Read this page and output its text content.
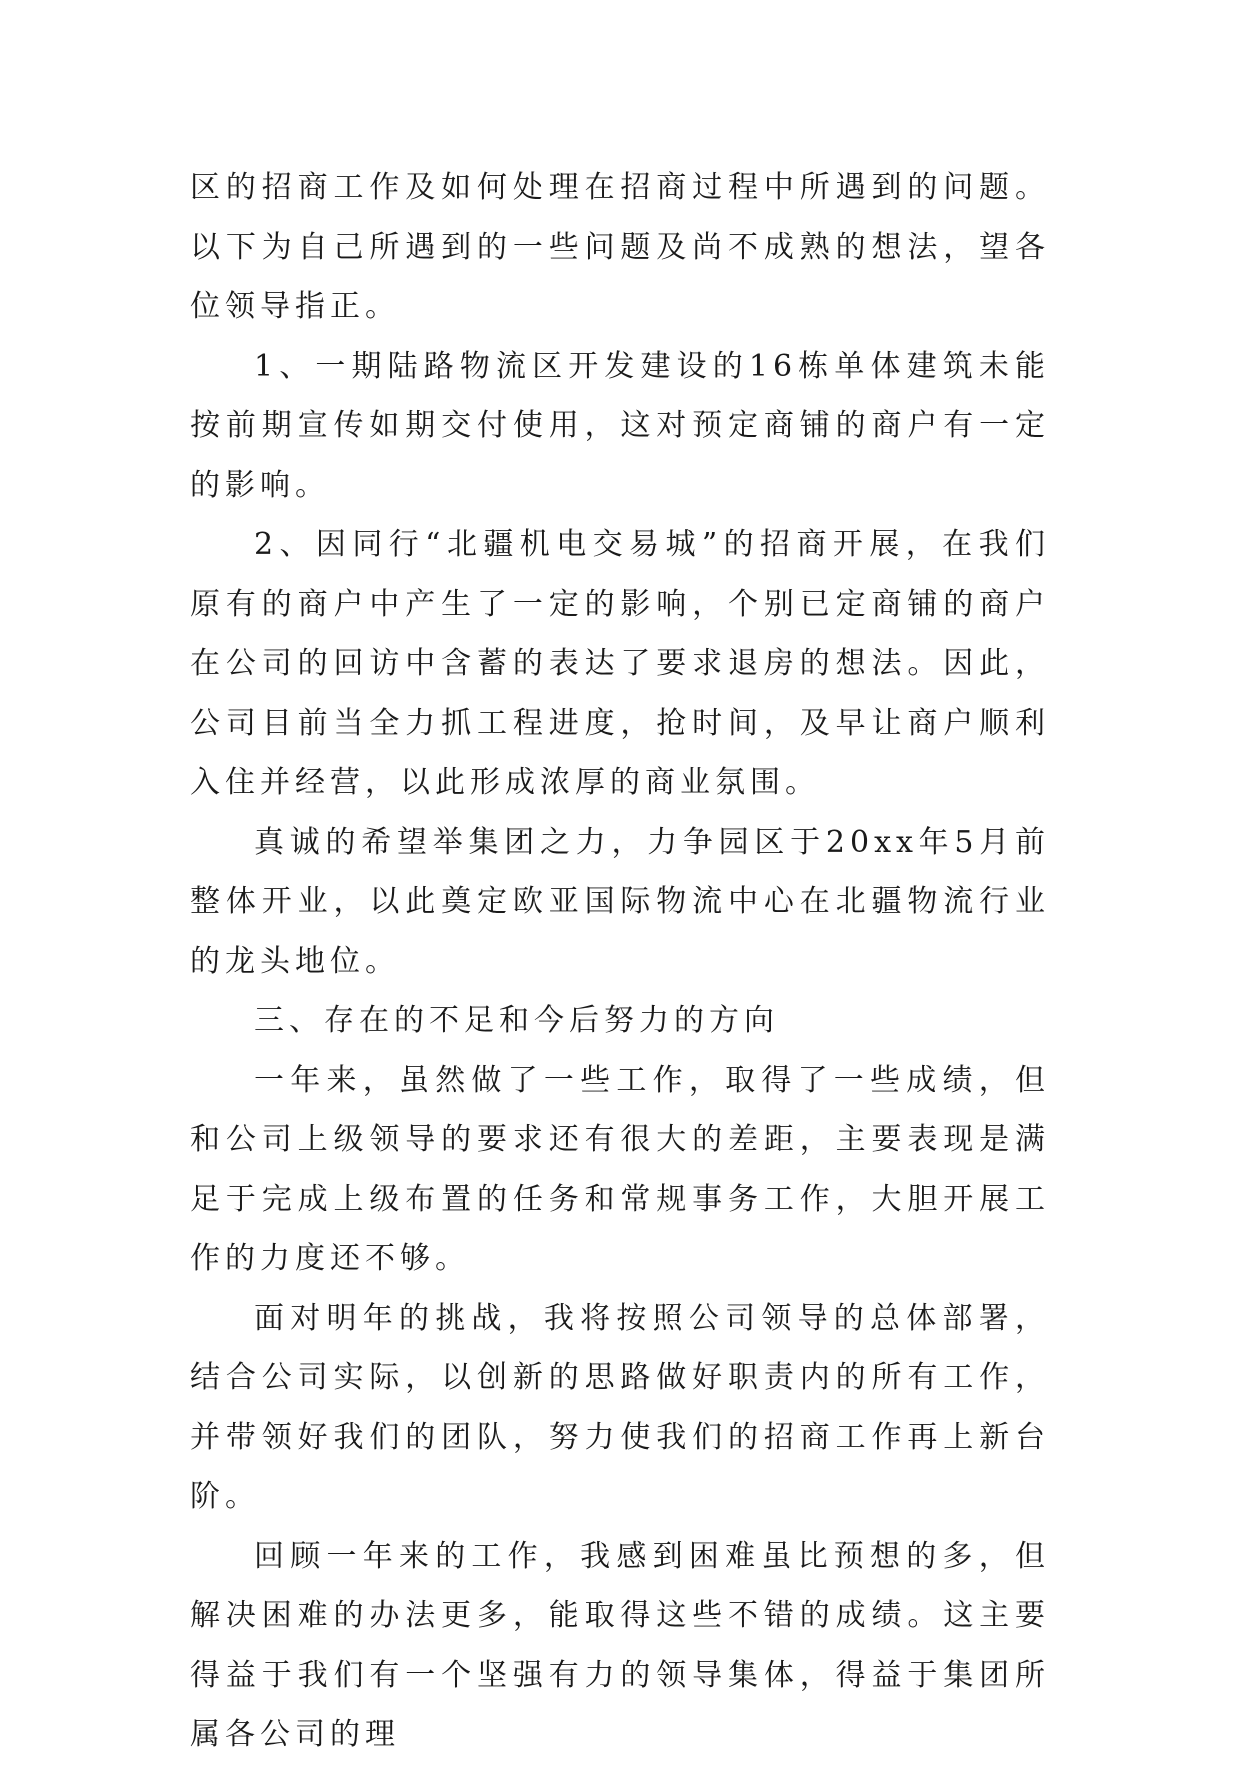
区的招商工作及如何处理在招商过程中所遇到的问题。以下为自己所遇到的一些问题及尚不成熟的想法，望各位领导指正。

1、一期陆路物流区开发建设的16栋单体建筑未能按前期宣传如期交付使用，这对预定商铺的商户有一定的影响。

2、因同行“北疆机电交易城”的招商开展，在我们原有的商户中产生了一定的影响，个别已定商铺的商户在公司的回访中含蓄的表达了要求退房的想法。因此，公司目前当全力抓工程进度，抢时间，及早让商户顺利入住并经营，以此形成浓厚的商业氛围。

真诚的希望举集团之力，力争园区于20xx年5月前整体开业，以此奠定欧亚国际物流中心在北疆物流行业的龙头地位。

三、存在的不足和今后努力的方向

一年来，虽然做了一些工作，取得了一些成绩，但和公司上级领导的要求还有很大的差距，主要表现是满足于完成上级布置的任务和常规事务工作，大胆开展工作的力度还不够。

面对明年的挑战，我将按照公司领导的总体部署，结合公司实际，以创新的思路做好职责内的所有工作，并带领好我们的团队，努力使我们的招商工作再上新台阶。

回顾一年来的工作，我感到困难虽比预想的多，但解决困难的办法更多，能取得这些不错的成绩。这主要得益于我们有一个坚强有力的领导集体，得益于集团所属各公司的理
